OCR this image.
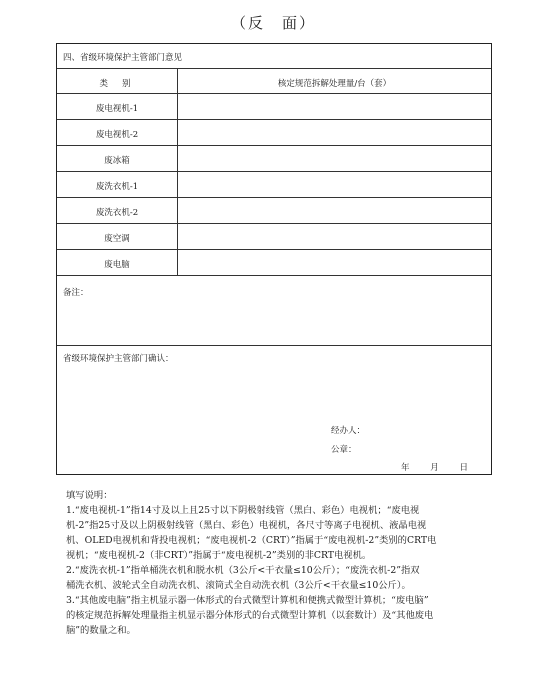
（反　面）
四、省级环境保护主管部门意见
类别	核定规范拆解处理量/台（套）
废电视机-1
废电视机-2
废冰箱
废洗衣机-1
废洗衣机-2
废空调
废电脑
备注：
省级环境保护主管部门确认：
经办人：
公章：
年 月 日
填写说明：
1.“废电视机-1”指14寸及以上且25寸以下阴极射线管（黑白、彩色）电视机；“废电视
机-2”指25寸及以上阴极射线管（黑白、彩色）电视机，各尺寸等离子电视机、液晶电视
机、OLED电视机和背投电视机；“废电视机-2（CRT）”指属于“废电视机-2”类别的CRT电
视机；“废电视机-2（非CRT）”指属于“废电视机-2”类别的非CRT电视机。
2.“废洗衣机-1”指单桶洗衣机和脱水机（3公斤<干衣量≤10公斤）；“废洗衣机-2”指双
桶洗衣机、波轮式全自动洗衣机、滚筒式全自动洗衣机（3公斤<干衣量≤10公斤）。
3.“其他废电脑”指主机显示器一体形式的台式微型计算机和便携式微型计算机；“废电脑”
的核定规范拆解处理量指主机显示器分体形式的台式微型计算机（以套数计）及“其他废电
脑”的数量之和。
